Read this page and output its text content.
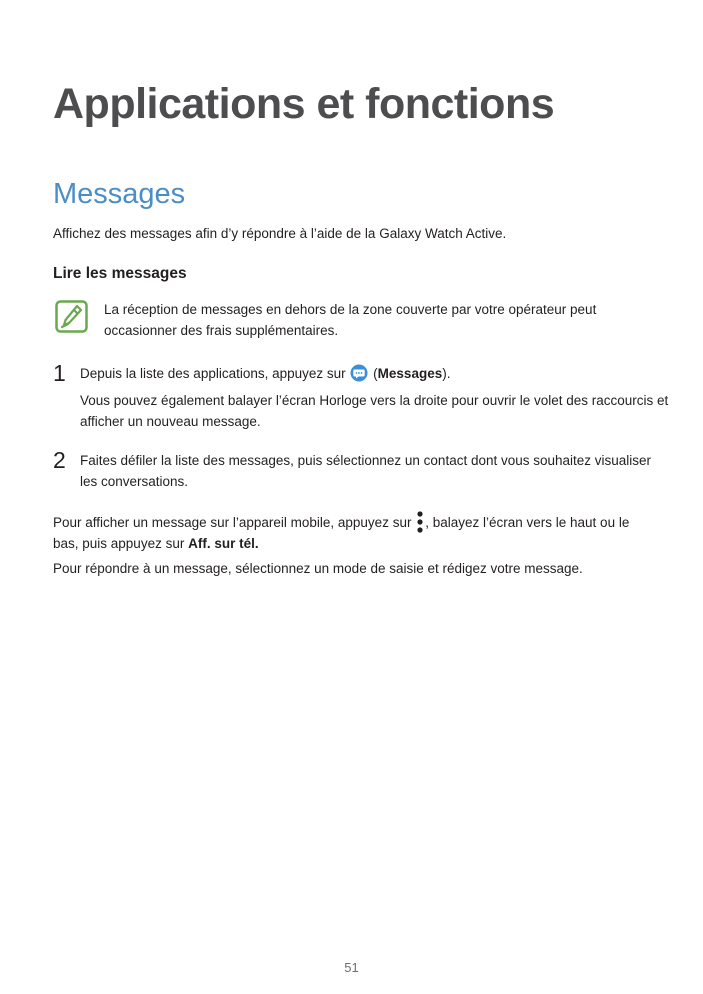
Applications et fonctions
Messages

Affichez des messages afin d’y répondre à l’aide de la Galaxy Watch Active.

Lire les messages

La réception de messages en dehors de la zone couverte par votre opérateur peut occasionner des frais supplémentaires.

1 Depuis la liste des applications, appuyez sur  (Messages).

Vous pouvez également balayer l’écran Horloge vers la droite pour ouvrir le volet des raccourcis et afficher un nouveau message.

2 Faites défiler la liste des messages, puis sélectionnez un contact dont vous souhaitez visualiser les conversations.

Pour afficher un message sur l’appareil mobile, appuyez sur , balayez l’écran vers le haut ou le bas, puis appuyez sur Aff. sur tél.

Pour répondre à un message, sélectionnez un mode de saisie et rédigez votre message.

51
